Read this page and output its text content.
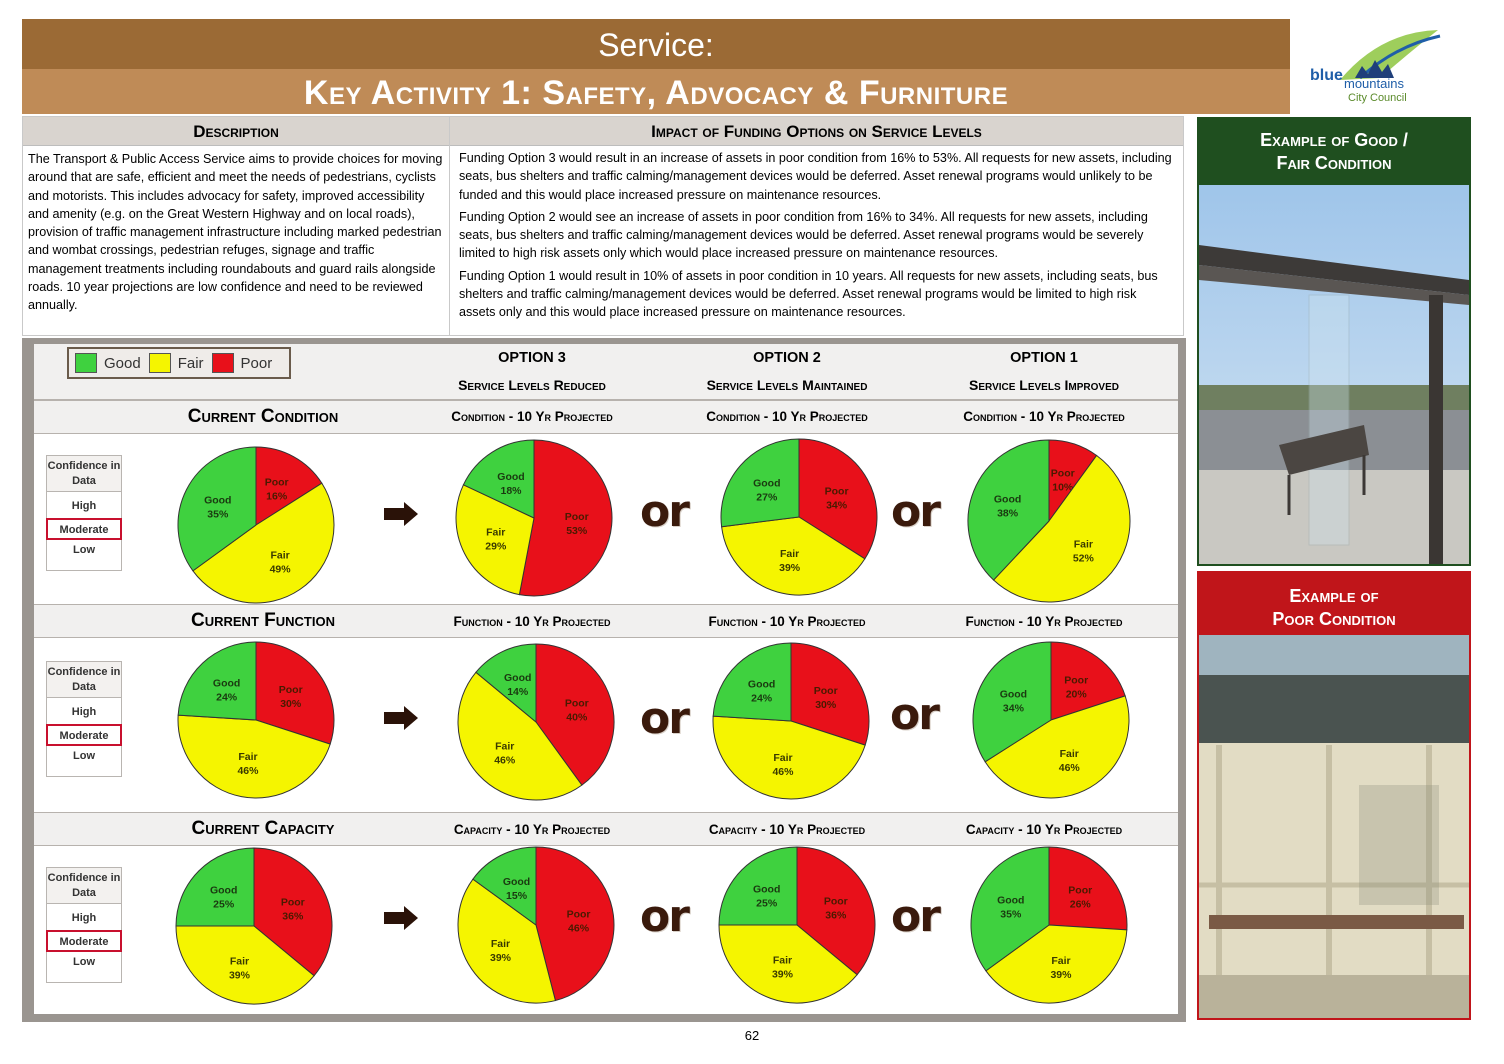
Service:
Key Activity 1: Safety, Advocacy & Furniture	blue mountains
City Council
Description
The Transport & Public Access Service aims to provide choices for moving around that are safe, efficient and meet the needs of pedestrians, cyclists and motorists. This includes advocacy for safety, improved accessibility and amenity (e.g. on the Great Western Highway and on local roads), provision of traffic management infrastructure including marked pedestrian and wombat crossings, pedestrian refuges, signage and traffic management treatments including roundabouts and guard rails alongside roads. 10 year projections are low confidence and need to be reviewed annually.
Impact of Funding Options on Service Levels

Funding Option 3 would result in an increase of assets in poor condition from 16% to 53%. All requests for new assets, including seats, bus shelters and traffic calming/management devices would be deferred. Asset renewal programs would unlikely to be funded and this would place increased pressure on maintenance resources.

Funding Option 2 would see an increase of assets in poor condition from 16% to 34%. All requests for new assets, including seats, bus shelters and traffic calming/management devices would be deferred. Asset renewal programs would be severely limited to high risk assets only which would place increased pressure on maintenance resources.

Funding Option 1 would result in 10% of assets in poor condition in 10 years. All requests for new assets, including seats, bus shelters and traffic calming/management devices would be deferred. Asset renewal programs would be limited to high risk assets only and this would place increased pressure on maintenance resources.

Good Fair Poor	OPTION 3
Service Levels Reduced
OPTION 2
Service Levels Maintained
OPTION 1
Service Levels Improved
Current Condition
Current Function
Current Capacity
Condition - 10 Yr Projected	Condition - 10 Yr Projected	Condition - 10 Yr Projected
Function - 10 Yr Projected	Function - 10 Yr Projected	Function - 10 Yr Projected
Capacity - 10 Yr Projected	Capacity - 10 Yr Projected	Capacity - 10 Yr Projected
Confidence in Data
High
Moderate
Low
Confidence in Data
High
Moderate
Low
Confidence in Data
High
Moderate
Low
or	or
or	or
or	or
Poor
16%
Fair
49%
Good
35%	Poor
53%
Fair
29%
Good
18%	Poor
34%
Fair
39%
Good
27%
Poor
10%
Fair
52%
Good
38%
Poor
30%
Fair
46%
Good
24%
Poor
40%
Fair
46%
Good
14%	Poor
30%
Fair
46%
Good
24%
Poor
20%
Fair
46%
Good
34%
Poor
36%
Fair
39%
Good
25%
Poor
46%
Fair
39%
Good
15%	Poor
36%
Fair
39%
Good
25%
Poor
26%
Fair
39%
Good
35%
Example of Good /
Fair Condition
Example of
Poor Condition
62
